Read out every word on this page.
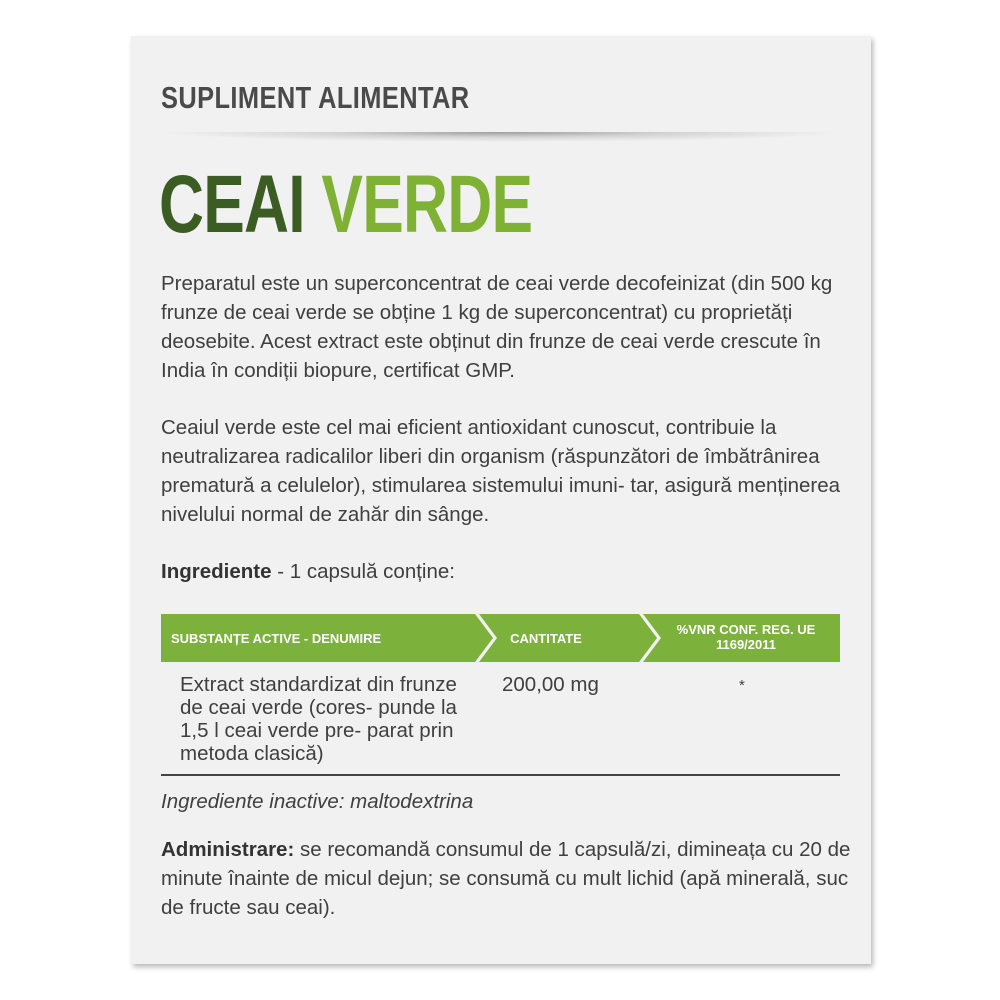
SUPLIMENT ALIMENTAR
CEAI VERDE
Preparatul este un superconcentrat de ceai verde decofeinizat (din 500 kg frunze de ceai verde se obține 1 kg de superconcentrat) cu proprietăți deosebite. Acest extract este obținut din frunze de ceai verde crescute în India în condiții biopure, certificat GMP.
Ceaiul verde este cel mai eficient antioxidant cunoscut, contribuie la neutralizarea radicalilor liberi din organism (răspunzători de îmbătrânirea prematură a celulelor), stimularea sistemului imuni- tar, asigură menținerea nivelului normal de zahăr din sânge.
Ingrediente - 1 capsulă conține:
SUBSTANȚE ACTIVE - DENUMIRE	CANTITATE
%VNR CONF. REG. UE 1169/2011
Extract standardizat din frunze de ceai verde (cores- punde la 1,5 l ceai verde pre- parat prin metoda clasică)
200,00 mg	*
Ingrediente inactive: maltodextrina
Administrare: se recomandă consumul de 1 capsulă/zi, dimineața cu 20 de minute înainte de micul dejun; se consumă cu mult lichid (apă minerală, suc de fructe sau ceai).
